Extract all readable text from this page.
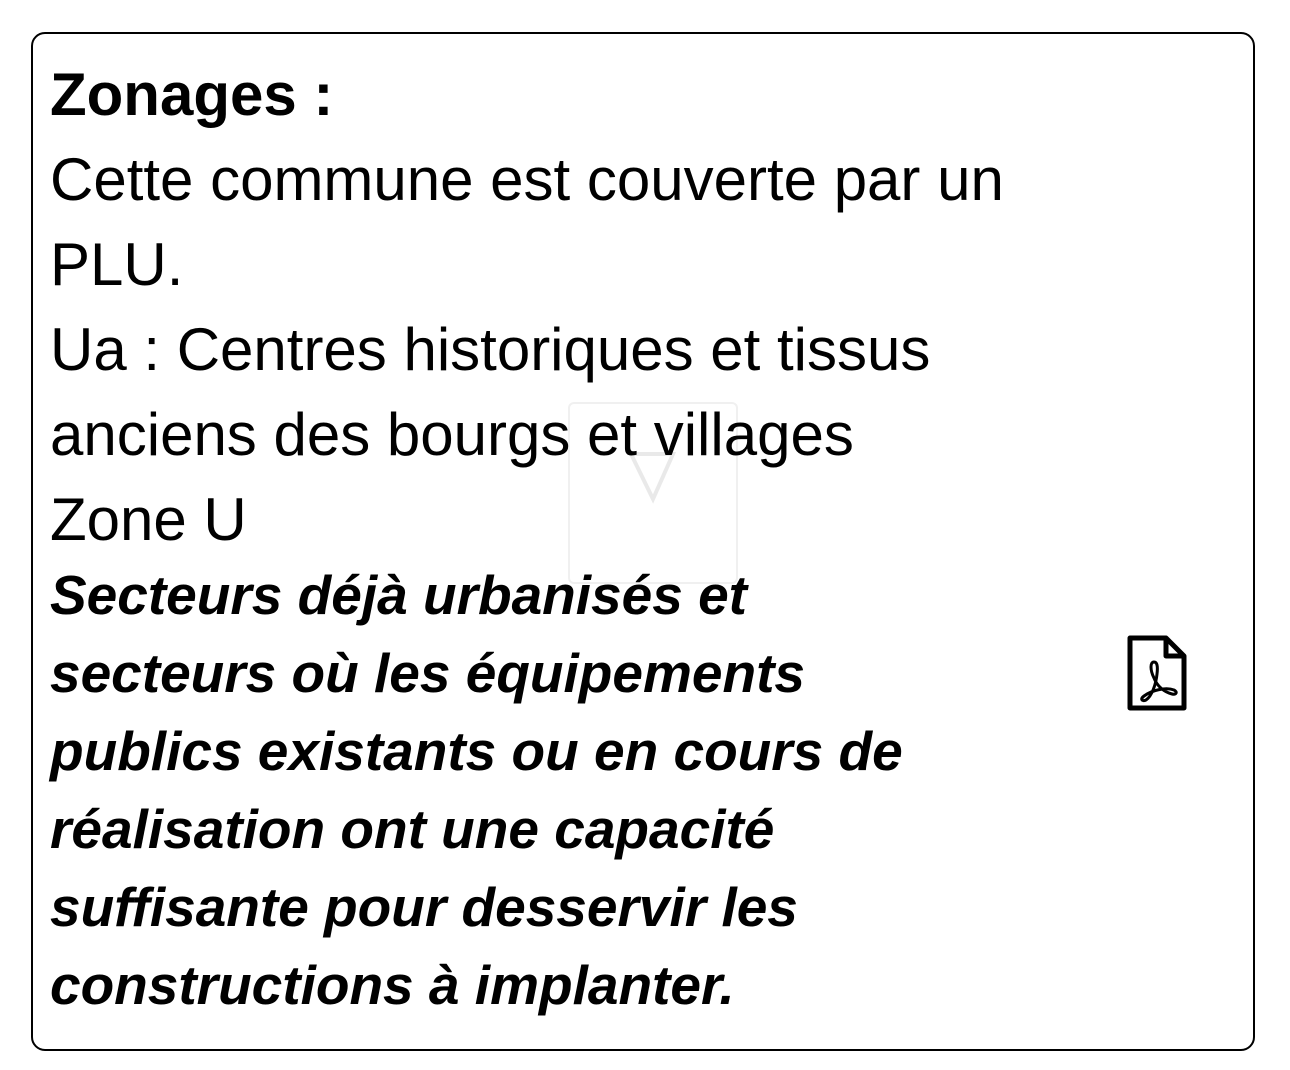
Zonages :
Cette commune est couverte par un
PLU.
Ua : Centres historiques et tissus
anciens des bourgs et villages
Zone U
Secteurs déjà urbanisés et
secteurs où les équipements
publics existants ou en cours de
réalisation ont une capacité
suffisante pour desservir les
constructions à implanter.
